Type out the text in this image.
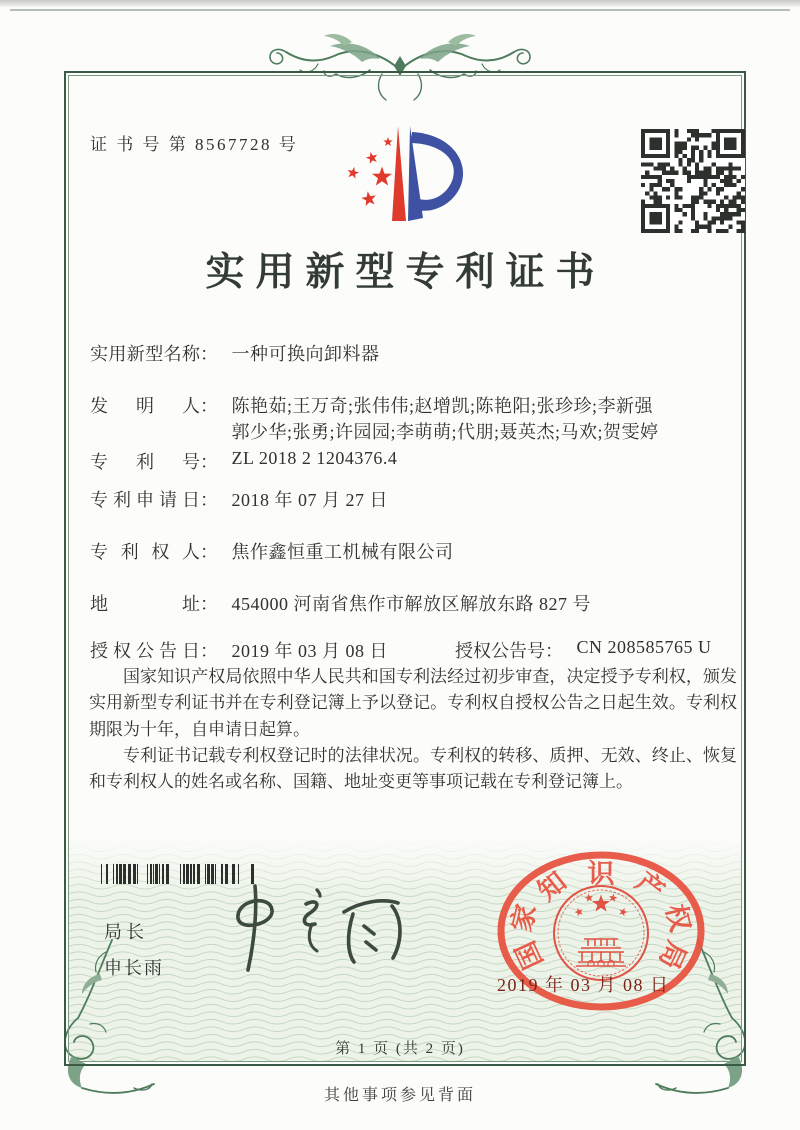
证 书 号 第 8567728 号
实用新型专利证书
实用新型名称： 一种可换向卸料器
发明人： 陈艳茹;王万奇;张伟伟;赵增凯;陈艳阳;张珍珍;李新强
郭少华;张勇;许园园;李萌萌;代朋;聂英杰;马欢;贺雯婷
专利号： ZL 2018 2 1204376.4
专利申请日： 2018 年 07 月 27 日
专利权人： 焦作鑫恒重工机械有限公司
地址： 454000 河南省焦作市解放区解放东路 827 号
授权公告日： 2019 年 03 月 08 日	授权公告号： CN 208585765 U

国家知识产权局依照中华人民共和国专利法经过初步审查，决定授予专利权，颁发实用新型专利证书并在专利登记簿上予以登记。专利权自授权公告之日起生效。专利权期限为十年，自申请日起算。

专利证书记载专利权登记时的法律状况。专利权的转移、质押、无效、终止、恢复和专利权人的姓名或名称、国籍、地址变更等事项记载在专利登记簿上。

局长
申长雨	国
家
知 识 产
权
局
2019 年 03 月 08 日
第 1 页 (共 2 页)
其他事项参见背面
